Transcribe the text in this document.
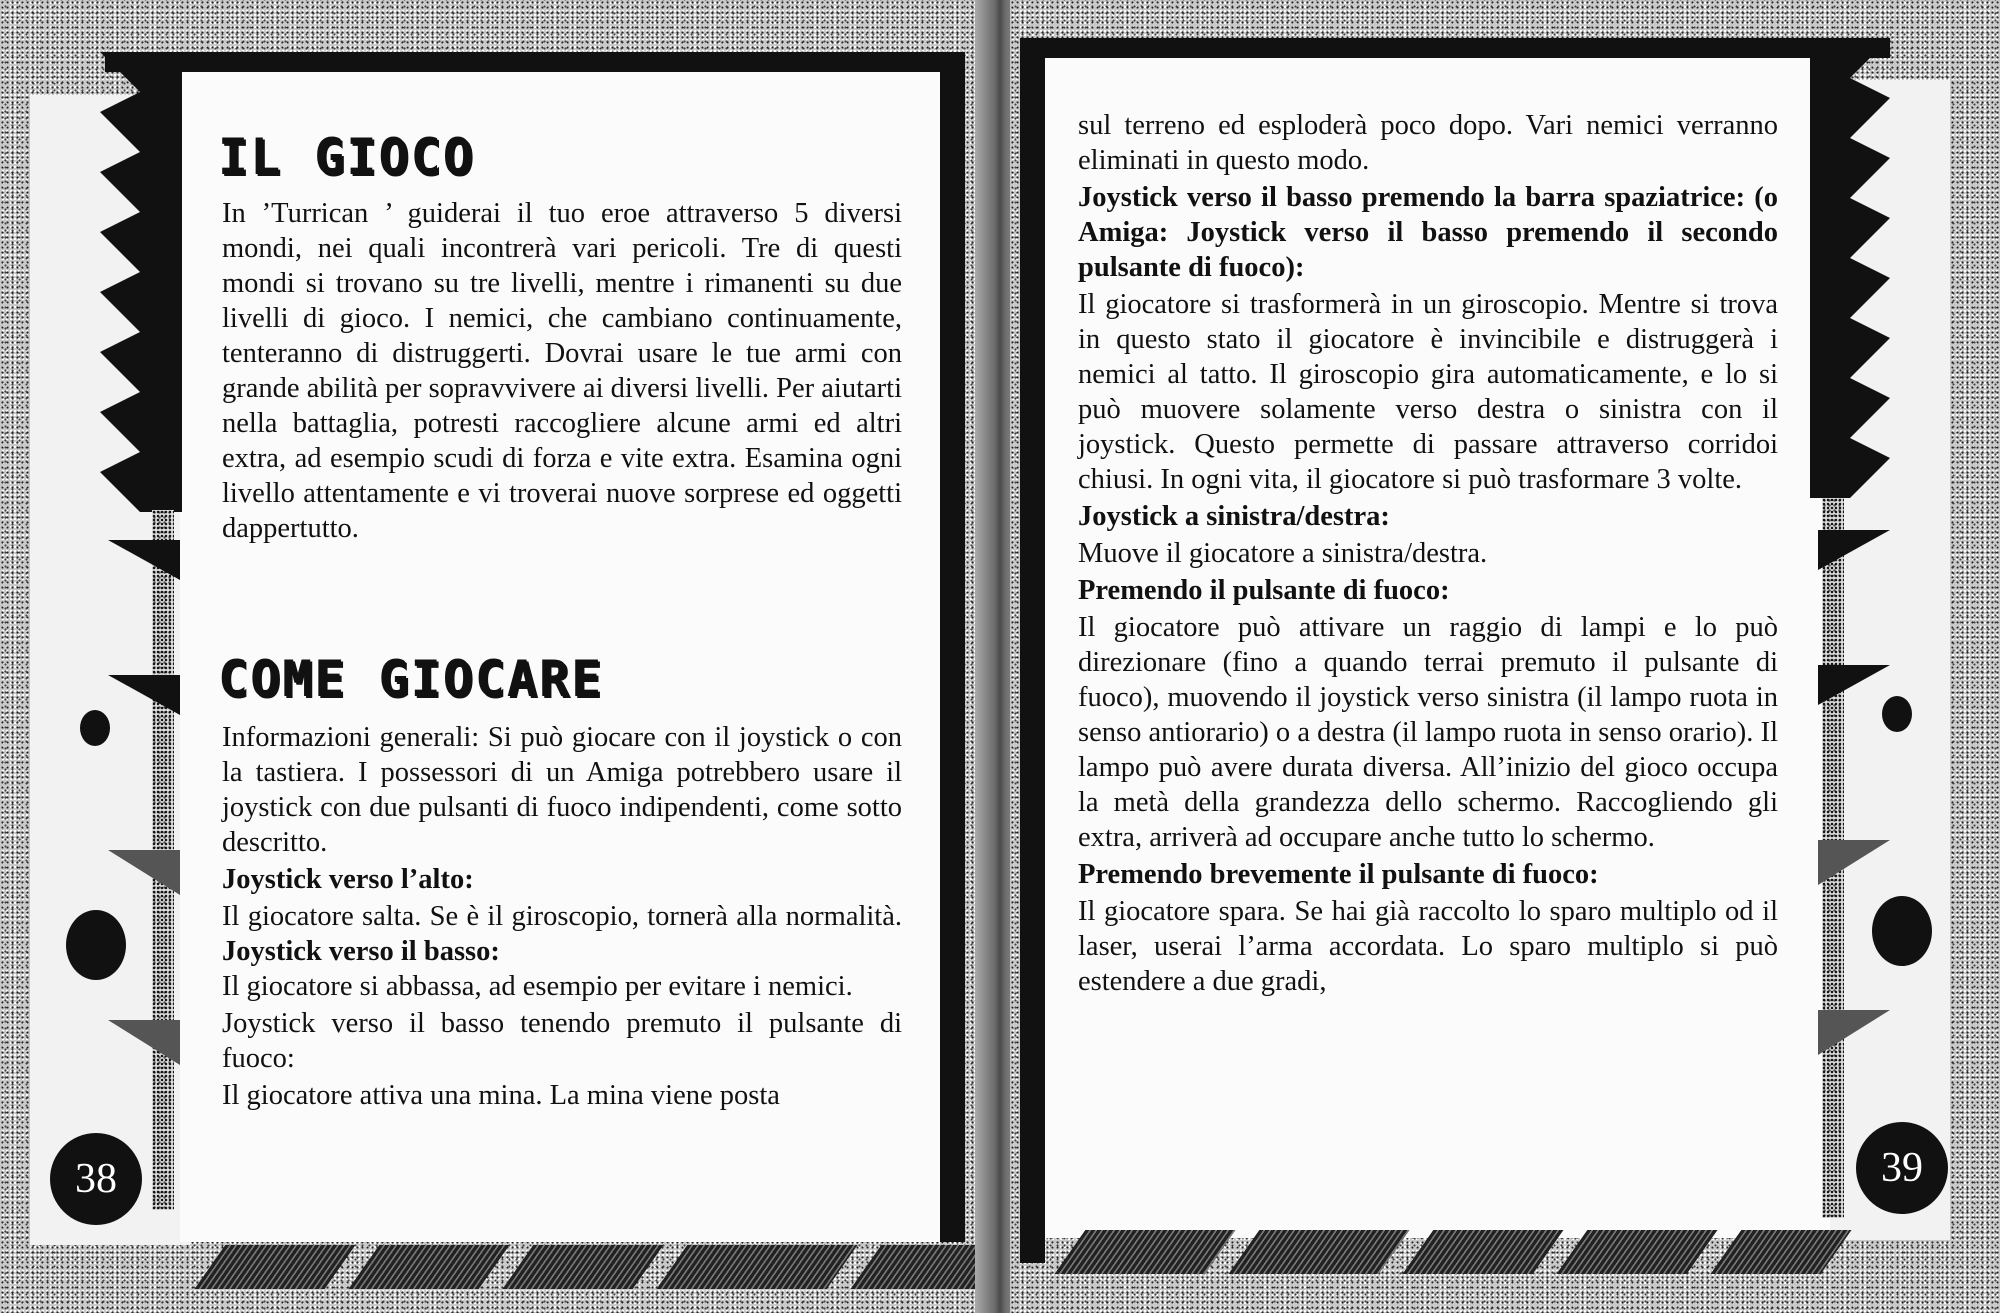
38
IL GIOCO

In ’Turrican ’ guiderai il tuo eroe attraverso 5 diversi mondi, nei quali incontrerà vari pericoli. Tre di questi mondi si trovano su tre livelli, mentre i rimanenti su due livelli di gioco. I nemici, che cambiano continuamente, tenteranno di distruggerti. Dovrai usare le tue armi con grande abilità per sopravvivere ai diversi livelli. Per aiutarti nella battaglia, potresti raccogliere alcune armi ed altri extra, ad esempio scudi di forza e vite extra. Esamina ogni livello attentamente e vi troverai nuove sorprese ed oggetti dappertutto.

COME GIOCARE

Informazioni generali: Si può giocare con il joystick o con la tastiera. I possessori di un Amiga potrebbero usare il joystick con due pulsanti di fuoco indipendenti, come sotto descritto.

Joystick verso l’alto:

Il giocatore salta. Se è il giroscopio, tornerà alla normalità. Joystick verso il basso:

Il giocatore si abbassa, ad esempio per evitare i nemici.

Joystick verso il basso tenendo premuto il pulsante di fuoco:

Il giocatore attiva una mina. La mina viene posta

39

sul terreno ed esploderà poco dopo. Vari nemici verranno eliminati in questo modo.

Joystick verso il basso premendo la barra spaziatrice: (o Amiga: Joystick verso il basso premendo il secondo pulsante di fuoco):

Il giocatore si trasformerà in un giroscopio. Mentre si trova in questo stato il giocatore è invincibile e distruggerà i nemici al tatto. Il giroscopio gira automaticamente, e lo si può muovere solamente verso destra o sinistra con il joystick. Questo permette di passare attraverso corridoi chiusi. In ogni vita, il giocatore si può trasformare 3 volte.

Joystick a sinistra/destra:

Muove il giocatore a sinistra/destra.

Premendo il pulsante di fuoco:

Il giocatore può attivare un raggio di lampi e lo può direzionare (fino a quando terrai premuto il pulsante di fuoco), muovendo il joystick verso sinistra (il lampo ruota in senso antiorario) o a destra (il lampo ruota in senso orario). Il lampo può avere durata diversa. All’inizio del gioco occupa la metà della grandezza dello schermo. Raccogliendo gli extra, arriverà ad occupare anche tutto lo schermo.

Premendo brevemente il pulsante di fuoco:

Il giocatore spara. Se hai già raccolto lo sparo multiplo od il laser, userai l’arma accordata. Lo sparo multiplo si può estendere a due gradi,
